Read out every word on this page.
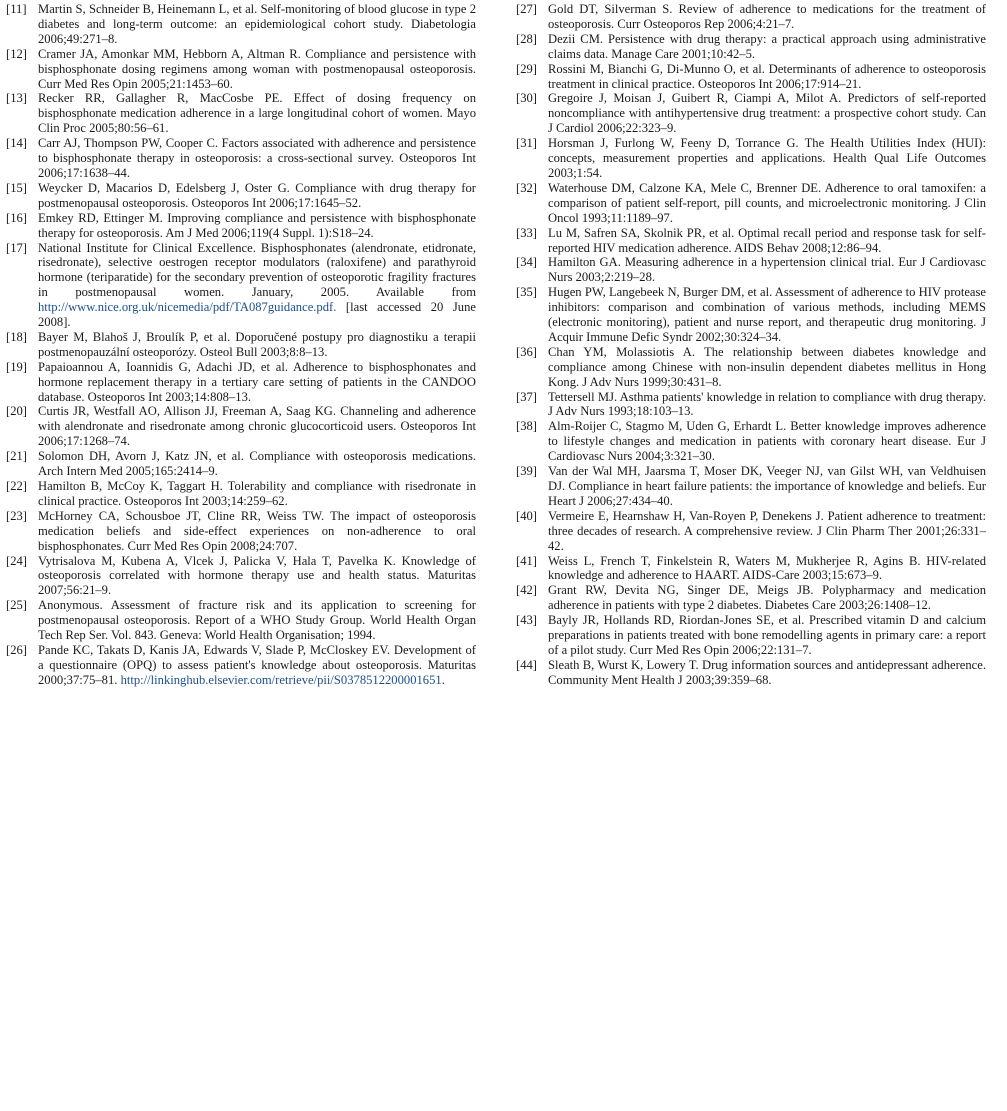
[11] Martin S, Schneider B, Heinemann L, et al. Self-monitoring of blood glucose in type 2 diabetes and long-term outcome: an epidemiological cohort study. Diabetologia 2006;49:271–8.
[12] Cramer JA, Amonkar MM, Hebborn A, Altman R. Compliance and persistence with bisphosphonate dosing regimens among woman with postmenopausal osteoporosis. Curr Med Res Opin 2005;21:1453–60.
[13] Recker RR, Gallagher R, MacCosbe PE. Effect of dosing frequency on bisphosphonate medication adherence in a large longitudinal cohort of women. Mayo Clin Proc 2005;80:56–61.
[14] Carr AJ, Thompson PW, Cooper C. Factors associated with adherence and persistence to bisphosphonate therapy in osteoporosis: a cross-sectional survey. Osteoporos Int 2006;17:1638–44.
[15] Weycker D, Macarios D, Edelsberg J, Oster G. Compliance with drug therapy for postmenopausal osteoporosis. Osteoporos Int 2006;17:1645–52.
[16] Emkey RD, Ettinger M. Improving compliance and persistence with bisphosphonate therapy for osteoporosis. Am J Med 2006;119(4 Suppl. 1):S18–24.
[17] National Institute for Clinical Excellence. Bisphosphonates (alendronate, etidronate, risedronate), selective oestrogen receptor modulators (raloxifene) and parathyroid hormone (teriparatide) for the secondary prevention of osteoporotic fragility fractures in postmenopausal women. January, 2005. Available from http://www.nice.org.uk/nicemedia/pdf/TA087guidance.pdf. [last accessed 20 June 2008].
[18] Bayer M, Blahoš J, Broulík P, et al. Doporučené postupy pro diagnostiku a terapii postmenopauzální osteoporózy. Osteol Bull 2003;8:8–13.
[19] Papaioannou A, Ioannidis G, Adachi JD, et al. Adherence to bisphosphonates and hormone replacement therapy in a tertiary care setting of patients in the CANDOO database. Osteoporos Int 2003;14:808–13.
[20] Curtis JR, Westfall AO, Allison JJ, Freeman A, Saag KG. Channeling and adherence with alendronate and risedronate among chronic glucocorticoid users. Osteoporos Int 2006;17:1268–74.
[21] Solomon DH, Avorn J, Katz JN, et al. Compliance with osteoporosis medications. Arch Intern Med 2005;165:2414–9.
[22] Hamilton B, McCoy K, Taggart H. Tolerability and compliance with risedronate in clinical practice. Osteoporos Int 2003;14:259–62.
[23] McHorney CA, Schousboe JT, Cline RR, Weiss TW. The impact of osteoporosis medication beliefs and side-effect experiences on non-adherence to oral bisphosphonates. Curr Med Res Opin 2008;24:707.
[24] Vytrisalova M, Kubena A, Vlcek J, Palicka V, Hala T, Pavelka K. Knowledge of osteoporosis correlated with hormone therapy use and health status. Maturitas 2007;56:21–9.
[25] Anonymous. Assessment of fracture risk and its application to screening for postmenopausal osteoporosis. Report of a WHO Study Group. World Health Organ Tech Rep Ser. Vol. 843. Geneva: World Health Organisation; 1994.
[26] Pande KC, Takats D, Kanis JA, Edwards V, Slade P, McCloskey EV. Development of a questionnaire (OPQ) to assess patient's knowledge about osteoporosis. Maturitas 2000;37:75–81. http://linkinghub.elsevier.com/retrieve/pii/S0378512200001651.
[27] Gold DT, Silverman S. Review of adherence to medications for the treatment of osteoporosis. Curr Osteoporos Rep 2006;4:21–7.
[28] Dezii CM. Persistence with drug therapy: a practical approach using administrative claims data. Manage Care 2001;10:42–5.
[29] Rossini M, Bianchi G, Di-Munno O, et al. Determinants of adherence to osteoporosis treatment in clinical practice. Osteoporos Int 2006;17:914–21.
[30] Gregoire J, Moisan J, Guibert R, Ciampi A, Milot A. Predictors of self-reported noncompliance with antihypertensive drug treatment: a prospective cohort study. Can J Cardiol 2006;22:323–9.
[31] Horsman J, Furlong W, Feeny D, Torrance G. The Health Utilities Index (HUI): concepts, measurement properties and applications. Health Qual Life Outcomes 2003;1:54.
[32] Waterhouse DM, Calzone KA, Mele C, Brenner DE. Adherence to oral tamoxifen: a comparison of patient self-report, pill counts, and microelectronic monitoring. J Clin Oncol 1993;11:1189–97.
[33] Lu M, Safren SA, Skolnik PR, et al. Optimal recall period and response task for self-reported HIV medication adherence. AIDS Behav 2008;12:86–94.
[34] Hamilton GA. Measuring adherence in a hypertension clinical trial. Eur J Cardiovasc Nurs 2003;2:219–28.
[35] Hugen PW, Langebeek N, Burger DM, et al. Assessment of adherence to HIV protease inhibitors: comparison and combination of various methods, including MEMS (electronic monitoring), patient and nurse report, and therapeutic drug monitoring. J Acquir Immune Defic Syndr 2002;30:324–34.
[36] Chan YM, Molassiotis A. The relationship between diabetes knowledge and compliance among Chinese with non-insulin dependent diabetes mellitus in Hong Kong. J Adv Nurs 1999;30:431–8.
[37] Tettersell MJ. Asthma patients' knowledge in relation to compliance with drug therapy. J Adv Nurs 1993;18:103–13.
[38] Alm-Roijer C, Stagmo M, Uden G, Erhardt L. Better knowledge improves adherence to lifestyle changes and medication in patients with coronary heart disease. Eur J Cardiovasc Nurs 2004;3:321–30.
[39] Van der Wal MH, Jaarsma T, Moser DK, Veeger NJ, van Gilst WH, van Veldhuisen DJ. Compliance in heart failure patients: the importance of knowledge and beliefs. Eur Heart J 2006;27:434–40.
[40] Vermeire E, Hearnshaw H, Van-Royen P, Denekens J. Patient adherence to treatment: three decades of research. A comprehensive review. J Clin Pharm Ther 2001;26:331–42.
[41] Weiss L, French T, Finkelstein R, Waters M, Mukherjee R, Agins B. HIV-related knowledge and adherence to HAART. AIDS-Care 2003;15:673–9.
[42] Grant RW, Devita NG, Singer DE, Meigs JB. Polypharmacy and medication adherence in patients with type 2 diabetes. Diabetes Care 2003;26:1408–12.
[43] Bayly JR, Hollands RD, Riordan-Jones SE, et al. Prescribed vitamin D and calcium preparations in patients treated with bone remodelling agents in primary care: a report of a pilot study. Curr Med Res Opin 2006;22:131–7.
[44] Sleath B, Wurst K, Lowery T. Drug information sources and antidepressant adherence. Community Ment Health J 2003;39:359–68.
